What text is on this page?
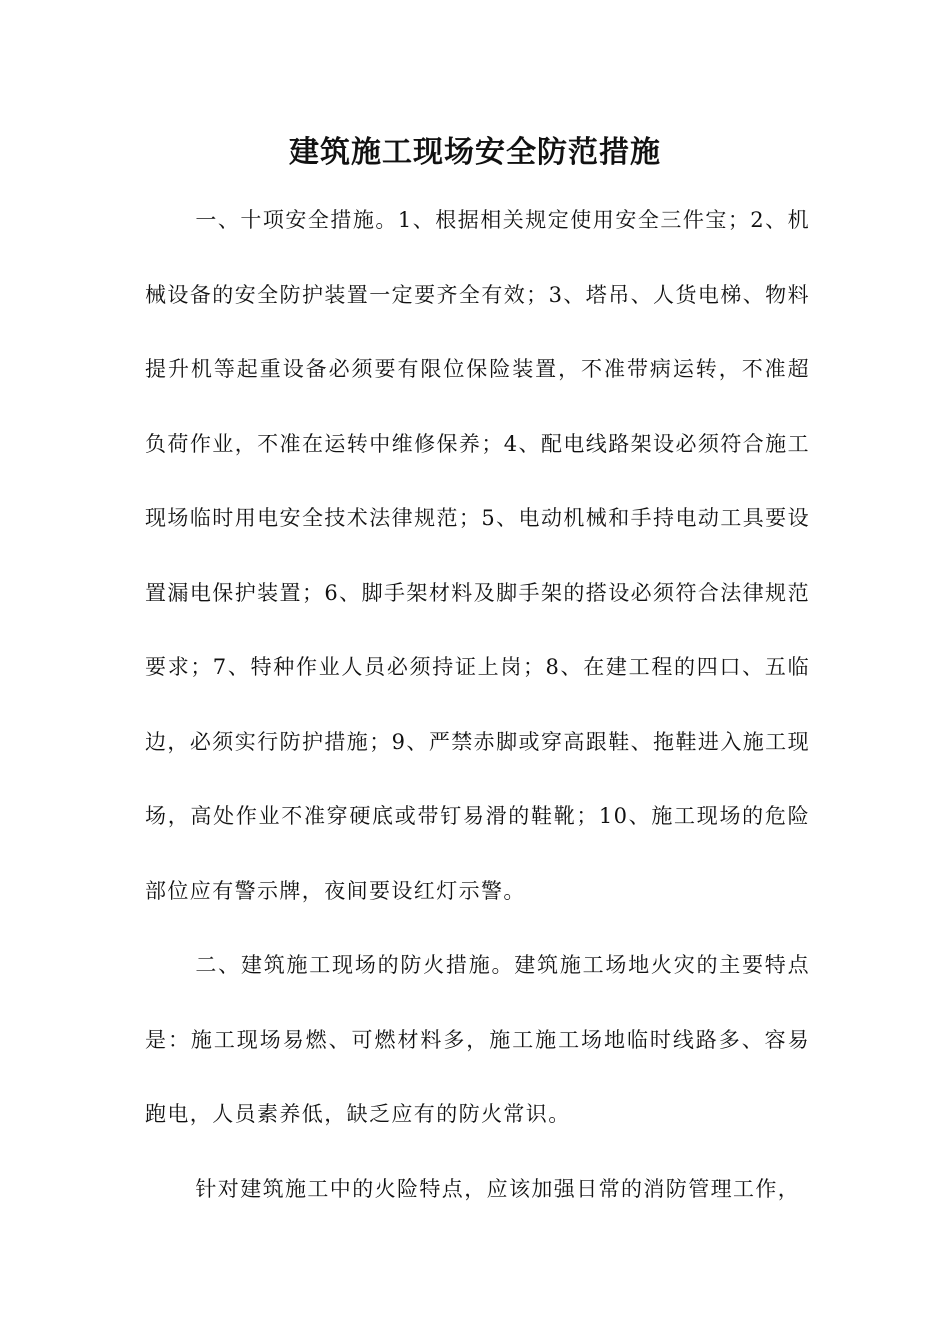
建筑施工现场安全防范措施

一、十项安全措施。1、根据相关规定使用安全三件宝；2、机械设备的安全防护装置一定要齐全有效；3、塔吊、人货电梯、物料提升机等起重设备必须要有限位保险装置，不准带病运转，不准超负荷作业，不准在运转中维修保养；4、配电线路架设必须符合施工现场临时用电安全技术法律规范；5、电动机械和手持电动工具要设置漏电保护装置；6、脚手架材料及脚手架的搭设必须符合法律规范要求；7、特种作业人员必须持证上岗；8、在建工程的四口、五临边，必须实行防护措施；9、严禁赤脚或穿高跟鞋、拖鞋进入施工现场，高处作业不准穿硬底或带钉易滑的鞋靴；10、施工现场的危险部位应有警示牌，夜间要设红灯示警。

二、建筑施工现场的防火措施。建筑施工场地火灾的主要特点是：施工现场易燃、可燃材料多，施工施工场地临时线路多、容易跑电，人员素养低，缺乏应有的防火常识。

针对建筑施工中的火险特点，应该加强日常的消防管理工作，
